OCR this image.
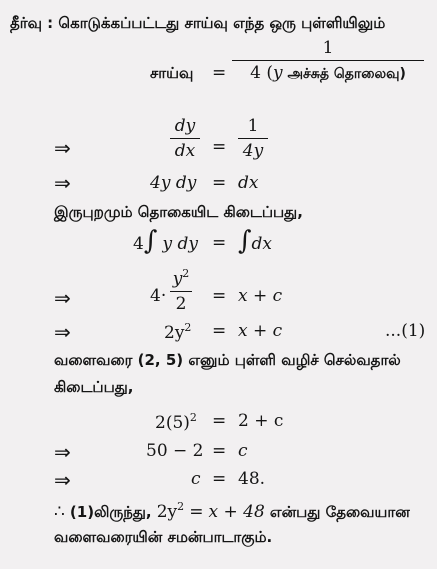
தீர்வு : கொடுக்கப்பட்டது சாய்வு எந்த ஒரு புள்ளியிலும்
சாய்வு =
1
4 (y அச்சுத் தொலைவு)
⇒
dy
dx =
1
4y
⇒	4y dy = dx
இருபுறமும் தொகையிட கிடைப்பது,
4∫ y dy = ∫dx
⇒	4·
$y^2$
2	= x + c
⇒	$2y^2 = x + c$	...(1)
வளைவரை (2, 5) எனும் புள்ளி வழிச் செல்வதால்
கிடைப்பது,
$2(5)^2 = 2 + c$
⇒	50 − 2 = c
⇒	c = 48.
∴ (1)லிருந்து, $2y^2 = x + 48$ என்பது தேவையான
வளைவரையின் சமன்பாடாகும்.
